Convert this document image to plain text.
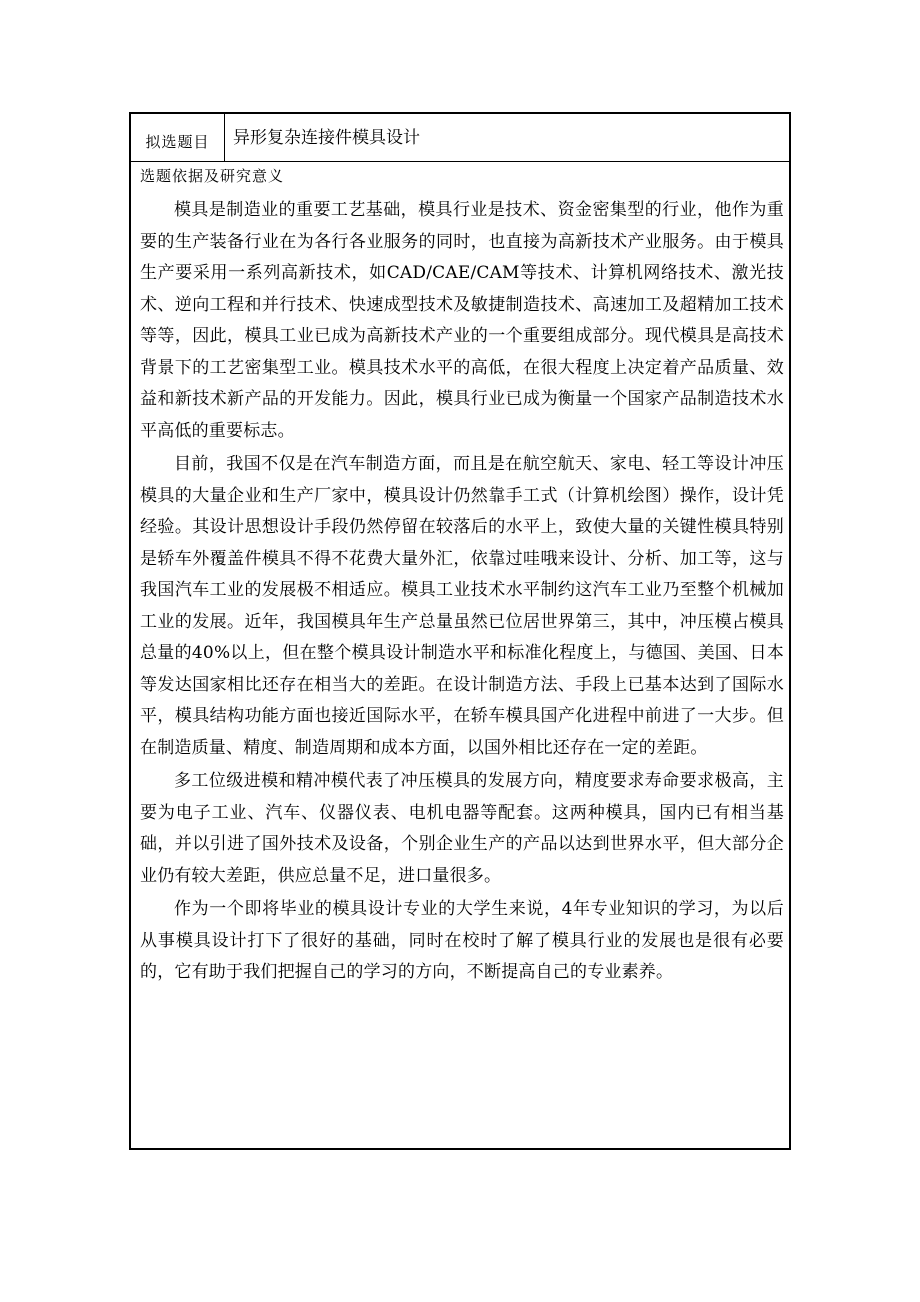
拟选题目	异形复杂连接件模具设计
选题依据及研究意义

模具是制造业的重要工艺基础，模具行业是技术、资金密集型的行业，他作为重要的生产装备行业在为各行各业服务的同时，也直接为高新技术产业服务。由于模具生产要采用一系列高新技术，如CAD/CAE/CAM等技术、计算机网络技术、激光技术、逆向工程和并行技术、快速成型技术及敏捷制造技术、高速加工及超精加工技术等等，因此，模具工业已成为高新技术产业的一个重要组成部分。现代模具是高技术背景下的工艺密集型工业。模具技术水平的高低，在很大程度上决定着产品质量、效益和新技术新产品的开发能力。因此，模具行业已成为衡量一个国家产品制造技术水平高低的重要标志。

目前，我国不仅是在汽车制造方面，而且是在航空航天、家电、轻工等设计冲压模具的大量企业和生产厂家中，模具设计仍然靠手工式（计算机绘图）操作，设计凭经验。其设计思想设计手段仍然停留在较落后的水平上，致使大量的关键性模具特别是轿车外覆盖件模具不得不花费大量外汇，依靠过哇哦来设计、分析、加工等，这与我国汽车工业的发展极不相适应。模具工业技术水平制约这汽车工业乃至整个机械加工业的发展。近年，我国模具年生产总量虽然已位居世界第三，其中，冲压模占模具总量的40%以上，但在整个模具设计制造水平和标准化程度上，与德国、美国、日本等发达国家相比还存在相当大的差距。在设计制造方法、手段上已基本达到了国际水平，模具结构功能方面也接近国际水平，在轿车模具国产化进程中前进了一大步。但在制造质量、精度、制造周期和成本方面，以国外相比还存在一定的差距。

多工位级进模和精冲模代表了冲压模具的发展方向，精度要求寿命要求极高，主要为电子工业、汽车、仪器仪表、电机电器等配套。这两种模具，国内已有相当基础，并以引进了国外技术及设备，个别企业生产的产品以达到世界水平，但大部分企业仍有较大差距，供应总量不足，进口量很多。

作为一个即将毕业的模具设计专业的大学生来说，4年专业知识的学习，为以后从事模具设计打下了很好的基础，同时在校时了解了模具行业的发展也是很有必要的，它有助于我们把握自己的学习的方向，不断提高自己的专业素养。
